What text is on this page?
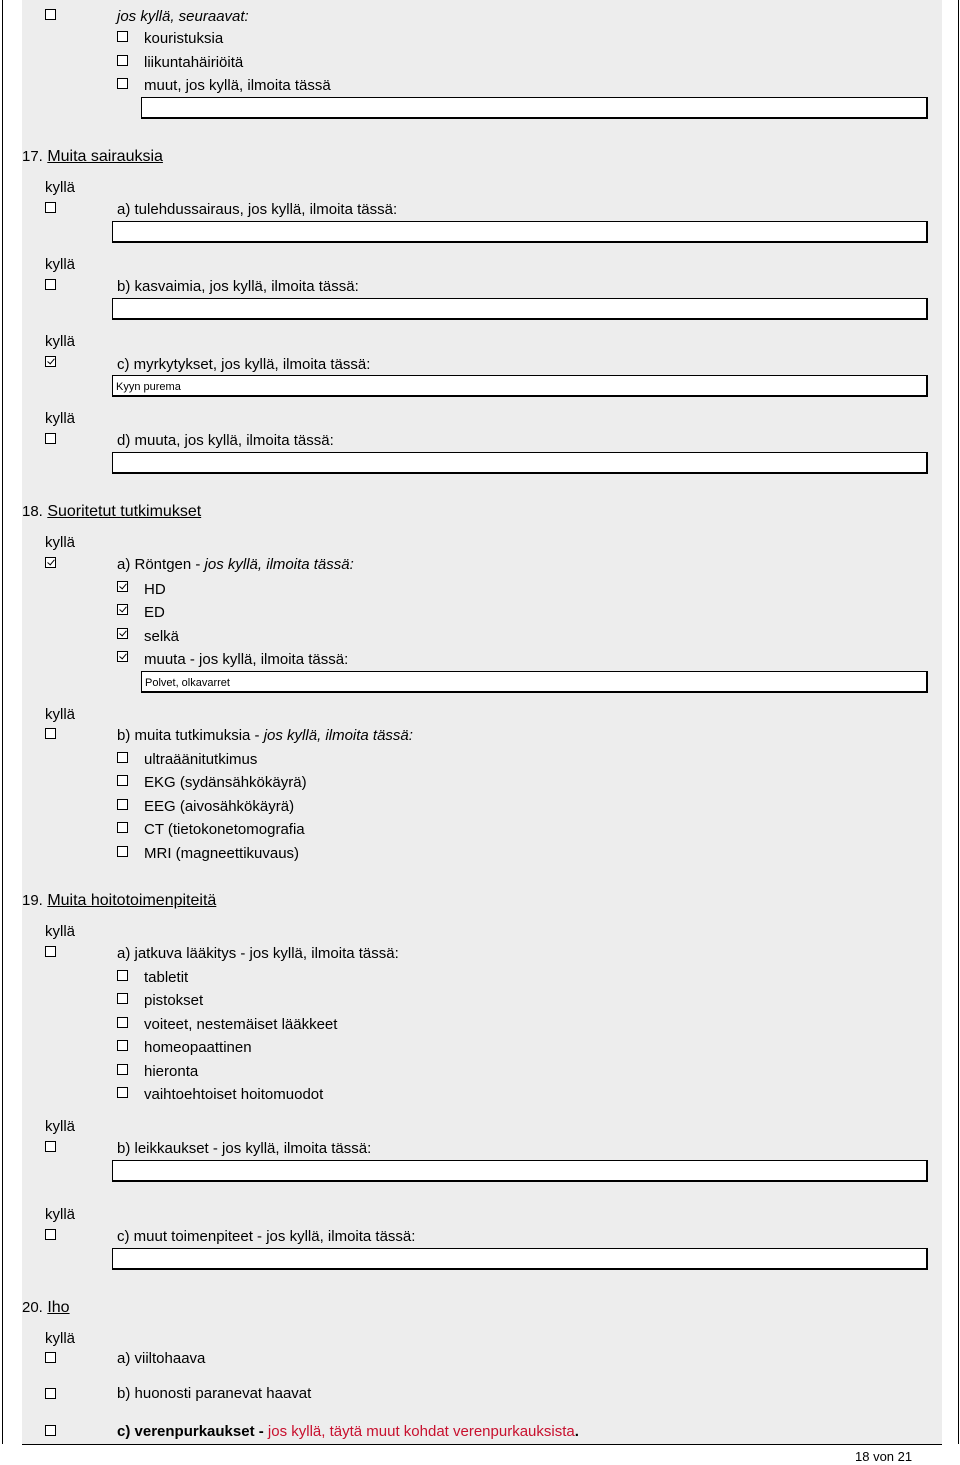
jos kyllä, seuraavat:
kouristuksia
liikuntahäiriöitä
muut, jos kyllä, ilmoita tässä
17. Muita sairauksia
kyllä
a) tulehdussairaus, jos kyllä, ilmoita tässä:
kyllä
b) kasvaimia, jos kyllä, ilmoita tässä:
kyllä
c) myrkytykset, jos kyllä, ilmoita tässä:
Kyyn purema
kyllä
d) muuta, jos kyllä, ilmoita tässä:
18. Suoritetut tutkimukset
kyllä
a) Röntgen - jos kyllä, ilmoita tässä:
HD
ED
selkä
muuta - jos kyllä, ilmoita tässä:
Polvet, olkavarret
kyllä
b) muita tutkimuksia - jos kyllä, ilmoita tässä:
ultraäänitutkimus
EKG (sydänsähkökäyrä)
EEG (aivosähkökäyrä)
CT (tietokonetomografia
MRI (magneettikuvaus)
19. Muita hoitotoimenpiteitä
kyllä
a) jatkuva lääkitys - jos kyllä, ilmoita tässä:
tabletit
pistokset
voiteet, nestemäiset lääkkeet
homeopaattinen
hieronta
vaihtoehtoiset hoitomuodot
kyllä
b) leikkaukset - jos kyllä, ilmoita tässä:
kyllä
c) muut toimenpiteet - jos kyllä, ilmoita tässä:
20. Iho
kyllä
a) viiltohaava
b) huonosti paranevat haavat
c) verenpurkaukset - jos kyllä, täytä muut kohdat verenpurkauksista.
18 von 21
